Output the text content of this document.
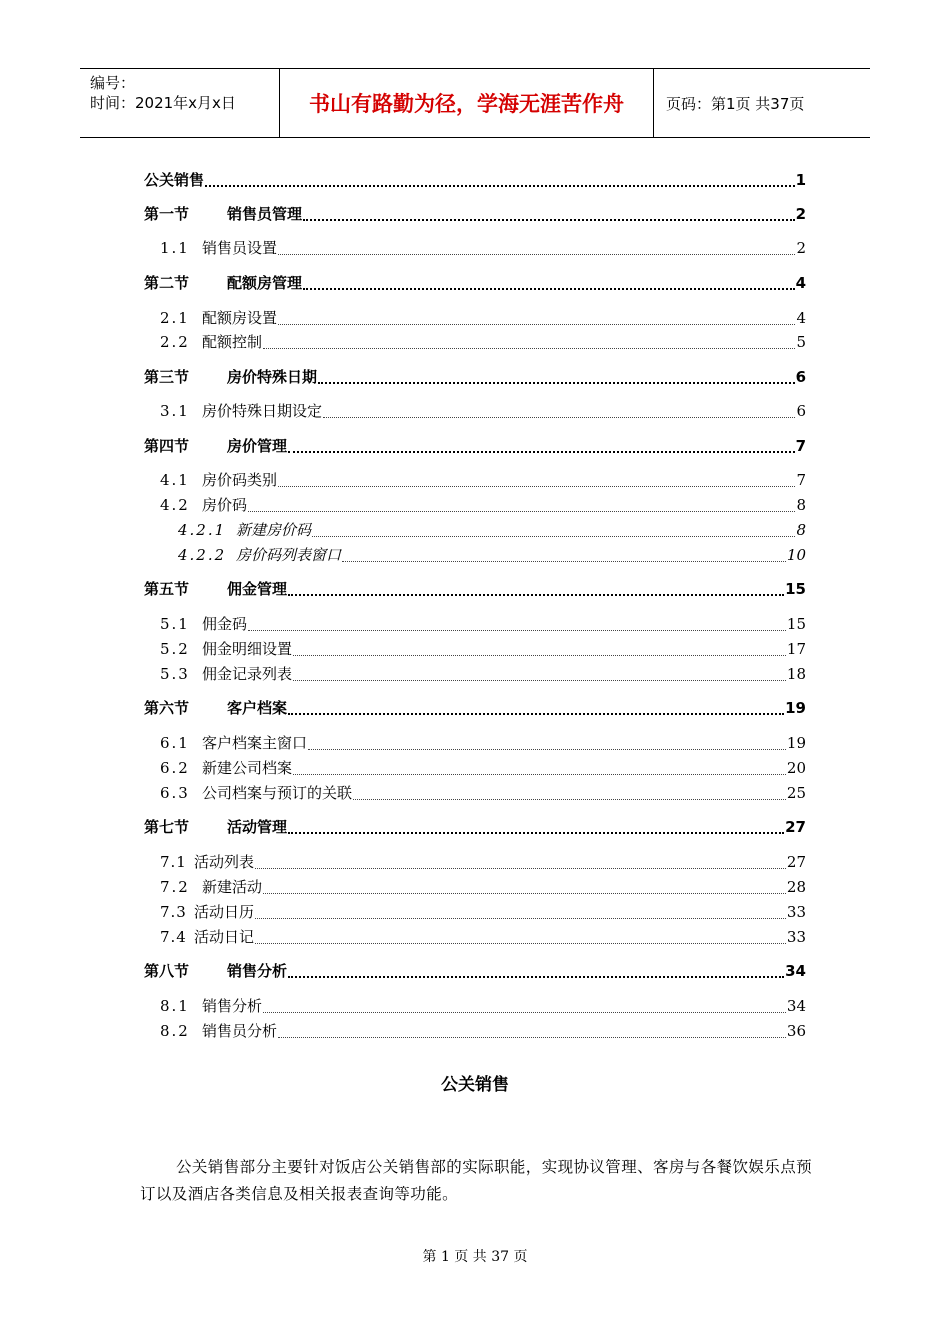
编号：
时间：2021年x月x日	书山有路勤为径，学海无涯苦作舟	页码：第1页 共37页
公关销售	1
第一节	销售员管理	2
1.1 销售员设置	2
第二节	配额房管理	4
2.1 配额房设置	4
2.2 配额控制	5
第三节	房价特殊日期	6
3.1 房价特殊日期设定	6
第四节	房价管理	7
4.1 房价码类别	7
4.2 房价码	8
4.2.1 新建房价码	8
4.2.2 房价码列表窗口	10
第五节	佣金管理	15
5.1 佣金码	15
5.2 佣金明细设置	17
5.3 佣金记录列表	18
第六节	客户档案	19
6.1 客户档案主窗口	19
6.2 新建公司档案	20
6.3 公司档案与预订的关联	25
第七节	活动管理	27
7.1 活动列表	27
7.2 新建活动	28
7.3 活动日历	33
7.4 活动日记	33
第八节	销售分析	34
8.1 销售分析	34
8.2 销售员分析	36
公关销售
公关销售部分主要针对饭店公关销售部的实际职能，实现协议管理、客房与各餐饮娱乐点预订以及酒店各类信息及相关报表查询等功能。
第 1 页 共 37 页
